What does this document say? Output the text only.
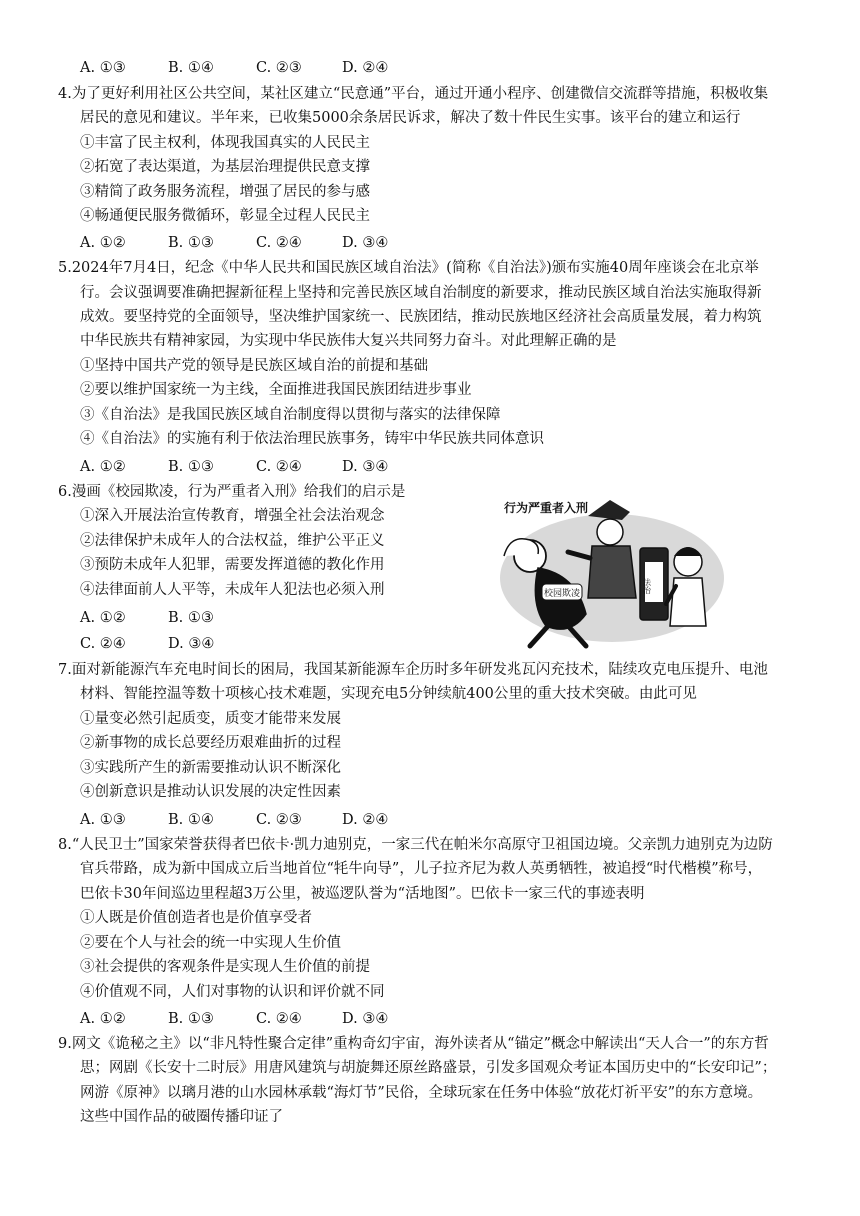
A. ①③	B. ①④	C. ②③	D. ②④
4.为了更好利用社区公共空间，某社区建立“民意通”平台，通过开通小程序、创建微信交流群等措施，积极收集
居民的意见和建议。半年来，已收集5000余条居民诉求，解决了数十件民生实事。该平台的建立和运行
①丰富了民主权利，体现我国真实的人民民主
②拓宽了表达渠道，为基层治理提供民意支撑
③精简了政务服务流程，增强了居民的参与感
④畅通便民服务微循环，彰显全过程人民民主
A. ①②	B. ①③	C. ②④	D. ③④
5.2024年7月4日，纪念《中华人民共和国民族区域自治法》(简称《自治法》)颁布实施40周年座谈会在北京举
行。会议强调要准确把握新征程上坚持和完善民族区域自治制度的新要求，推动民族区域自治法实施取得新
成效。要坚持党的全面领导，坚决维护国家统一、民族团结，推动民族地区经济社会高质量发展，着力构筑
中华民族共有精神家园，为实现中华民族伟大复兴共同努力奋斗。对此理解正确的是
①坚持中国共产党的领导是民族区域自治的前提和基础
②要以维护国家统一为主线，全面推进我国民族团结进步事业
③《自治法》是我国民族区域自治制度得以贯彻与落实的法律保障
④《自治法》的实施有利于依法治理民族事务，铸牢中华民族共同体意识
A. ①②	B. ①③	C. ②④	D. ③④
6.漫画《校园欺凌，行为严重者入刑》给我们的启示是
①深入开展法治宣传教育，增强全社会法治观念
②法律保护未成年人的合法权益，维护公平正义
③预防未成年人犯罪，需要发挥道德的教化作用
④法律面前人人平等，未成年人犯法也必须入刑
A. ①②	B. ①③
C. ②④	D. ③④
行为严重者入刑
校园欺凌	法治
7.面对新能源汽车充电时间长的困局，我国某新能源车企历时多年研发兆瓦闪充技术，陆续攻克电压提升、电池
材料、智能控温等数十项核心技术难题，实现充电5分钟续航400公里的重大技术突破。由此可见
①量变必然引起质变，质变才能带来发展
②新事物的成长总要经历艰难曲折的过程
③实践所产生的新需要推动认识不断深化
④创新意识是推动认识发展的决定性因素
A. ①③	B. ①④	C. ②③	D. ②④
8.“人民卫士”国家荣誉获得者巴依卡·凯力迪别克，一家三代在帕米尔高原守卫祖国边境。父亲凯力迪别克为边防
官兵带路，成为新中国成立后当地首位“牦牛向导”，儿子拉齐尼为救人英勇牺牲，被追授“时代楷模”称号，
巴依卡30年间巡边里程超3万公里，被巡逻队誉为“活地图”。巴依卡一家三代的事迹表明
①人既是价值创造者也是价值享受者
②要在个人与社会的统一中实现人生价值
③社会提供的客观条件是实现人生价值的前提
④价值观不同，人们对事物的认识和评价就不同
A. ①②	B. ①③	C. ②④	D. ③④
9.网文《诡秘之主》以“非凡特性聚合定律”重构奇幻宇宙，海外读者从“锚定”概念中解读出“天人合一”的东方哲
思；网剧《长安十二时辰》用唐风建筑与胡旋舞还原丝路盛景，引发多国观众考证本国历史中的“长安印记”；
网游《原神》以璃月港的山水园林承载“海灯节”民俗，全球玩家在任务中体验“放花灯祈平安”的东方意境。
这些中国作品的破圈传播印证了
